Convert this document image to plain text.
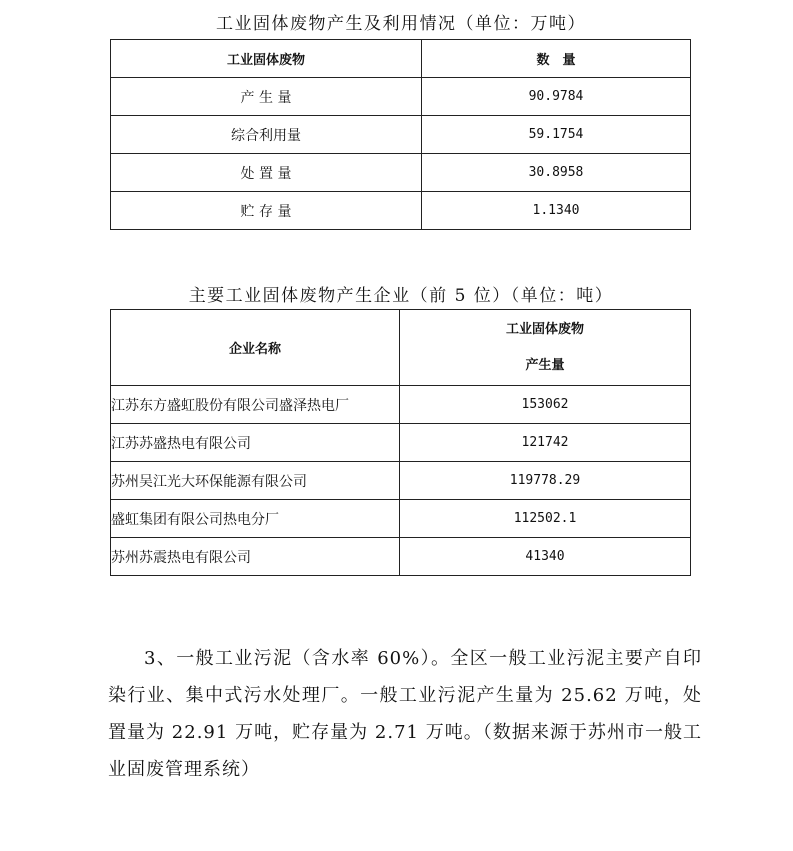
工业固体废物产生及利用情况（单位：万吨）
工业固体废物	数　量
产 生 量	90.9784
综合利用量	59.1754
处 置 量	30.8958
贮 存 量	1.1340
主要工业固体废物产生企业（前 5 位）（单位：吨）
企业名称	工业固体废物
产生量

江苏东方盛虹股份有限公司盛泽热电厂	153062
江苏苏盛热电有限公司	121742
苏州吴江光大环保能源有限公司	119778.29
盛虹集团有限公司热电分厂	112502.1
苏州苏震热电有限公司	41340

3、一般工业污泥（含水率 60%）。全区一般工业污泥主要产自印染行业、集中式污水处理厂。一般工业污泥产生量为 25.62 万吨，处置量为 22.91 万吨，贮存量为 2.71 万吨。（数据来源于苏州市一般工业固废管理系统）
